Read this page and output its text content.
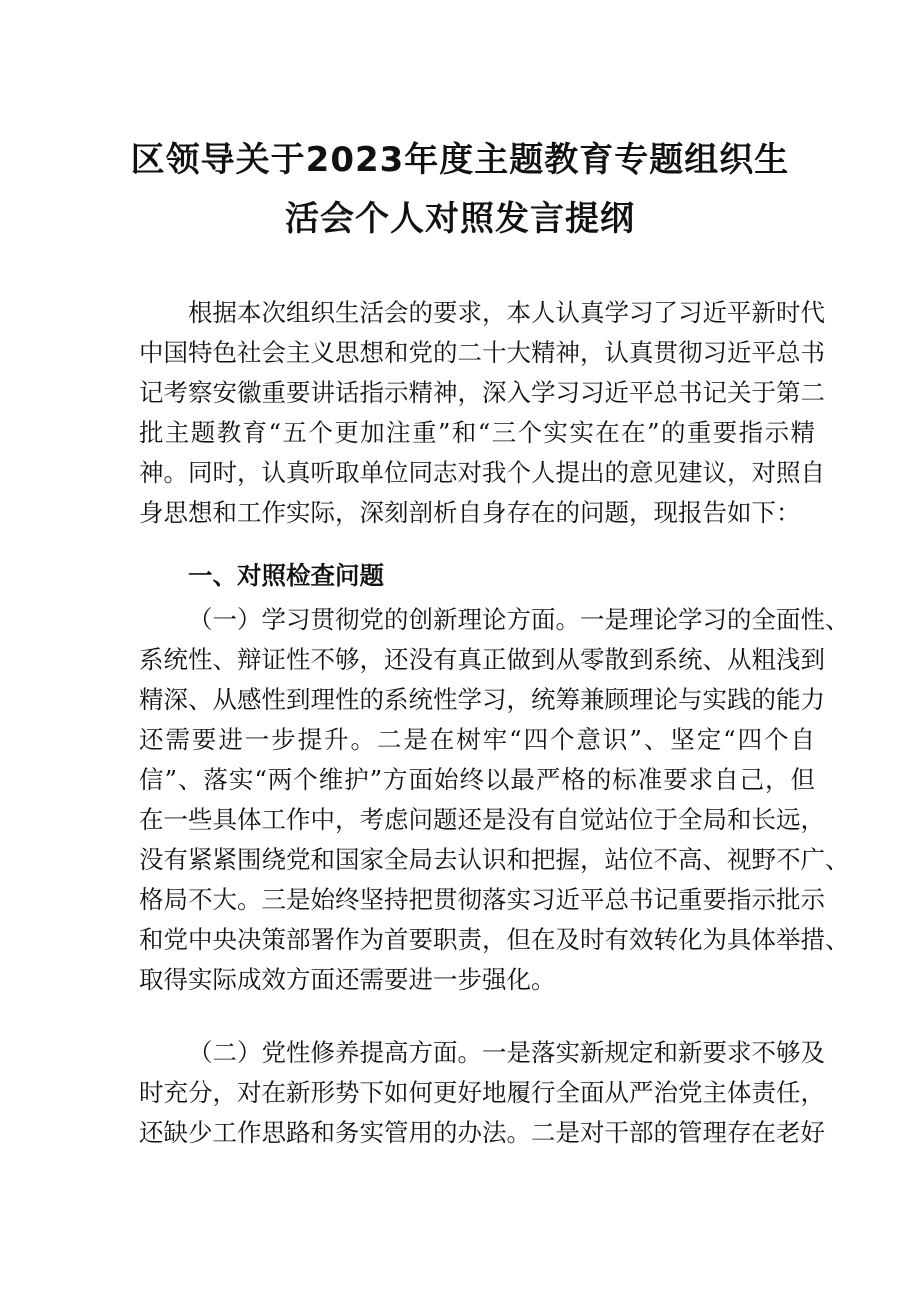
区领导关于2023年度主题教育专题组织生
活会个人对照发言提纲
根据本次组织生活会的要求，本人认真学习了习近平新时代
中国特色社会主义思想和党的二十大精神，认真贯彻习近平总书
记考察安徽重要讲话指示精神，深入学习习近平总书记关于第二
批主题教育“五个更加注重”和“三个实实在在”的重要指示精
神。同时，认真听取单位同志对我个人提出的意见建议，对照自
身思想和工作实际，深刻剖析自身存在的问题，现报告如下：
一、对照检查问题
（一）学习贯彻党的创新理论方面。一是理论学习的全面性、
系统性、辩证性不够，还没有真正做到从零散到系统、从粗浅到
精深、从感性到理性的系统性学习，统筹兼顾理论与实践的能力
还需要进一步提升。二是在树牢“四个意识”、坚定“四个自
信”、落实“两个维护”方面始终以最严格的标准要求自己，但
在一些具体工作中，考虑问题还是没有自觉站位于全局和长远，
没有紧紧围绕党和国家全局去认识和把握，站位不高、视野不广、
格局不大。三是始终坚持把贯彻落实习近平总书记重要指示批示
和党中央决策部署作为首要职责，但在及时有效转化为具体举措、
取得实际成效方面还需要进一步强化。
（二）党性修养提高方面。一是落实新规定和新要求不够及
时充分，对在新形势下如何更好地履行全面从严治党主体责任，
还缺少工作思路和务实管用的办法。二是对干部的管理存在老好
